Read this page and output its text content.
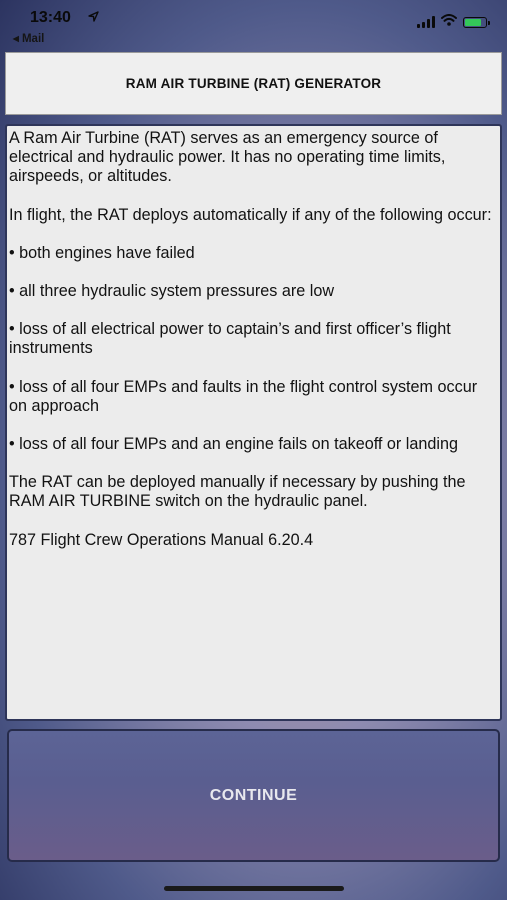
13:40
◂ Mail
RAM AIR TURBINE (RAT) GENERATOR

A Ram Air Turbine (RAT) serves as an emergency source of electrical and hydraulic power. It has no operating time limits, airspeeds, or altitudes.

In flight, the RAT deploys automatically if any of the following occur:

• both engines have failed

• all three hydraulic system pressures are low

• loss of all electrical power to captain’s and first officer’s flight instruments

• loss of all four EMPs and faults in the flight control system occur on approach

• loss of all four EMPs and an engine fails on takeoff or landing

The RAT can be deployed manually if necessary by pushing the RAM AIR TURBINE switch on the hydraulic panel.

787 Flight Crew Operations Manual 6.20.4

CONTINUE
